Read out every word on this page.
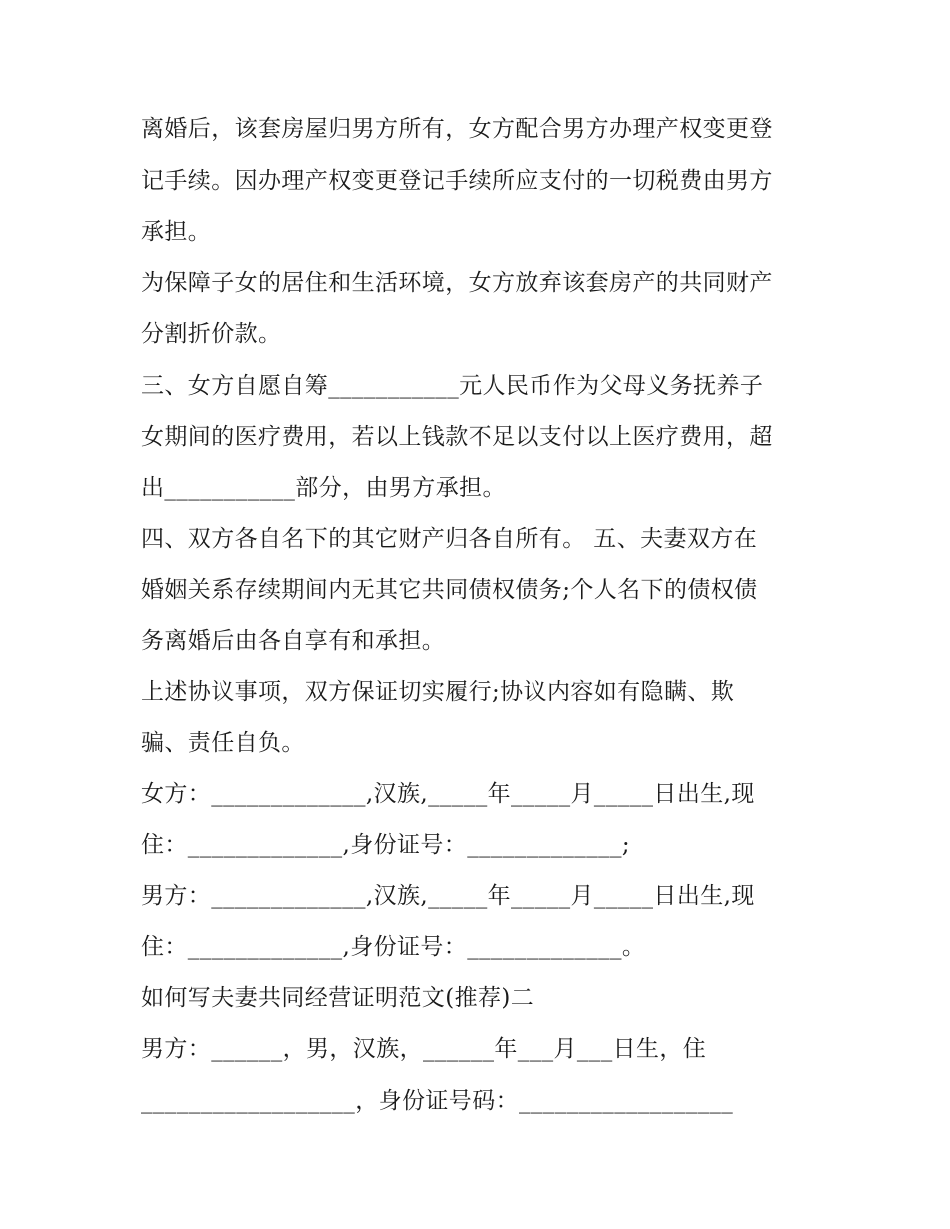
离婚后，该套房屋归男方所有，女方配合男方办理产权变更登
记手续。因办理产权变更登记手续所应支付的一切税费由男方
承担。
为保障子女的居住和生活环境，女方放弃该套房产的共同财产
分割折价款。
三、女方自愿自筹___________元人民币作为父母义务抚养子
女期间的医疗费用，若以上钱款不足以支付以上医疗费用，超
出___________部分，由男方承担。
四、双方各自名下的其它财产归各自所有。 五、夫妻双方在
婚姻关系存续期间内无其它共同债权债务;个人名下的债权债
务离婚后由各自享有和承担。
上述协议事项，双方保证切实履行;协议内容如有隐瞒、欺
骗、责任自负。
女方：_____________,汉族,_____年_____月_____日出生,现
住：_____________,身份证号：_____________;
男方：_____________,汉族,_____年_____月_____日出生,现
住：_____________,身份证号：_____________。
如何写夫妻共同经营证明范文(推荐)二
男方：______，男，汉族，______年___月___日生，住
__________________，身份证号码：__________________
